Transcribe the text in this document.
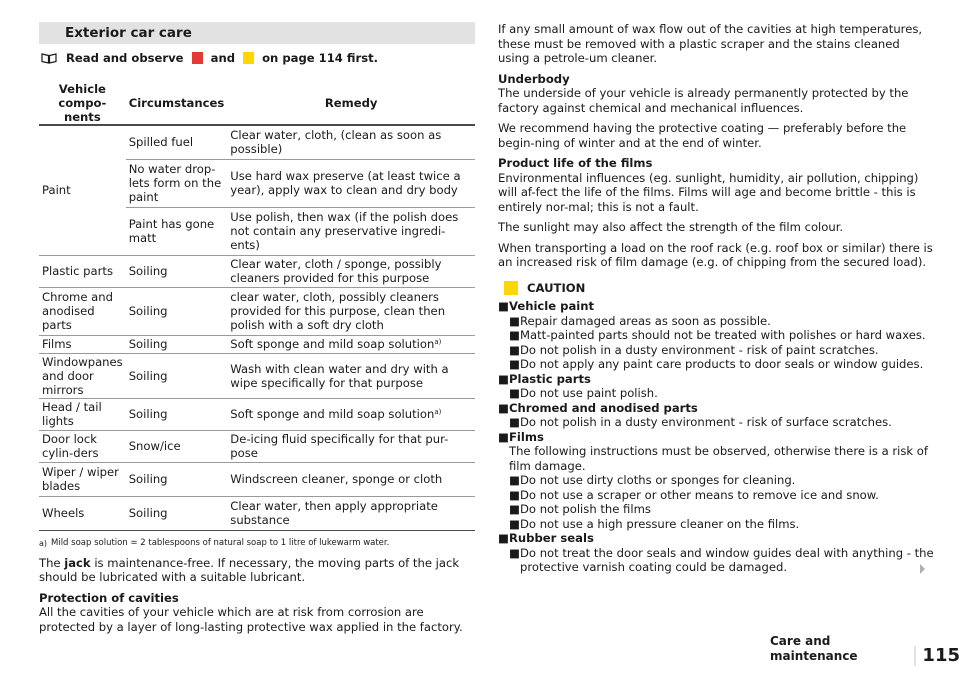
Exterior car care
Read and observe and on page 114 first.
Vehicle compo-
nents	Circumstances	Remedy
Paint	Spilled fuel	Clear water, cloth, (clean as soon as possible)
	No water drop-lets form on the paint	Use hard wax preserve (at least twice a year), apply wax to clean and dry body
	Paint has gone matt	Use polish, then wax (if the polish does not contain any preservative ingredi-ents)
Plastic parts	Soiling	Clear water, cloth / sponge, possibly cleaners provided for this purpose
Chrome and anodised parts	Soiling	clear water, cloth, possibly cleaners provided for this purpose, clean then polish with a soft dry cloth
Films	Soiling	Soft sponge and mild soap solution$^{a)}$
Windowpanes and door mirrors	Soiling	Wash with clean water and dry with a wipe specifically for that purpose
Head / tail lights	Soiling	Soft sponge and mild soap solution$^{a)}$
Door lock cylin-ders	Snow/ice	De-icing fluid specifically for that pur-pose
Wiper / wiper blades	Soiling	Windscreen cleaner, sponge or cloth
Wheels	Soiling	Clear water, then apply appropriate substance
a) Mild soap solution = 2 tablespoons of natural soap to 1 litre of lukewarm water.

The jack is maintenance-free. If necessary, the moving parts of the jack should be lubricated with a suitable lubricant.

Protection of cavities
All the cavities of your vehicle which are at risk from corrosion are protected by a layer of long-lasting protective wax applied in the factory.

If any small amount of wax flow out of the cavities at high temperatures, these must be removed with a plastic scraper and the stains cleaned using a petrole-um cleaner.

Underbody
The underside of your vehicle is already permanently protected by the factory against chemical and mechanical influences.

We recommend having the protective coating — preferably before the begin-ning of winter and at the end of winter.

Product life of the films
Environmental influences (eg. sunlight, humidity, air pollution, chipping) will af-fect the life of the films. Films will age and become brittle - this is entirely nor-mal; this is not a fault.

The sunlight may also affect the strength of the film colour.

When transporting a load on the roof rack (e.g. roof box or similar) there is an increased risk of film damage (e.g. of chipping from the secured load).

CAUTION
■ Vehicle paint
■ Repair damaged areas as soon as possible.
■ Matt-painted parts should not be treated with polishes or hard waxes.
■ Do not polish in a dusty environment - risk of paint scratches.
■ Do not apply any paint care products to door seals or window guides.
■ Plastic parts
■ Do not use paint polish.
■ Chromed and anodised parts
■ Do not polish in a dusty environment - risk of surface scratches.
■ Films
The following instructions must be observed, otherwise there is a risk of film damage.
■ Do not use dirty cloths or sponges for cleaning.
■ Do not use a scraper or other means to remove ice and snow.
■ Do not polish the films
■ Do not use a high pressure cleaner on the films.
■ Rubber seals
■ Do not treat the door seals and window guides deal with anything - the protective varnish coating could be damaged.
Care and maintenance	115
